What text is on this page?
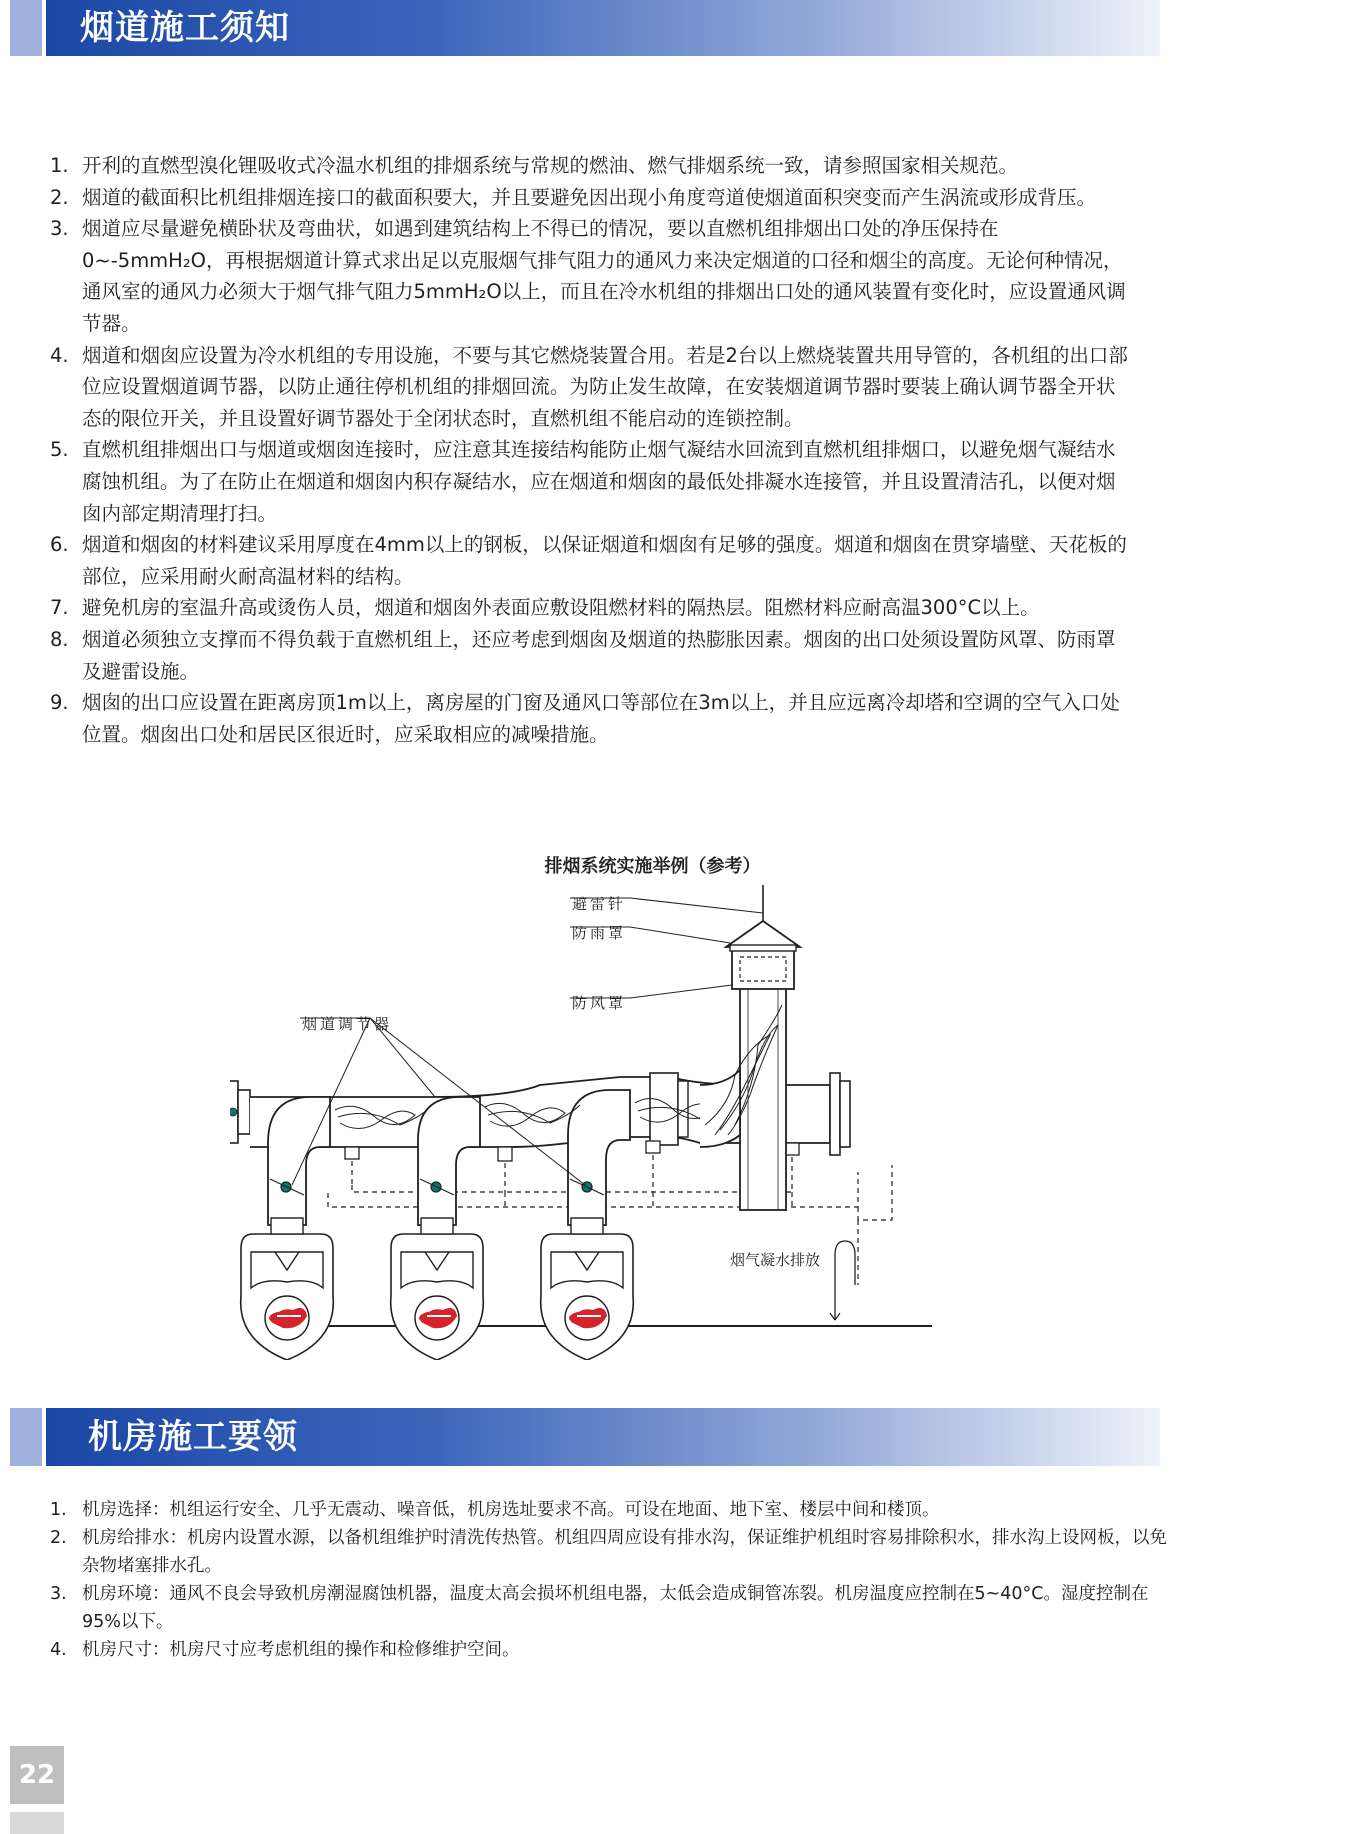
烟道施工须知
1. 开利的直燃型溴化锂吸收式冷温水机组的排烟系统与常规的燃油、燃气排烟系统一致，请参照国家相关规范。
2. 烟道的截面积比机组排烟连接口的截面积要大，并且要避免因出现小角度弯道使烟道面积突变而产生涡流或形成背压。
3. 烟道应尽量避免横卧状及弯曲状，如遇到建筑结构上不得已的情况，要以直燃机组排烟出口处的净压保持在0~-5mmH₂O，再根据烟道计算式求出足以克服烟气排气阻力的通风力来决定烟道的口径和烟尘的高度。无论何种情况，通风室的通风力必须大于烟气排气阻力5mmH₂O以上，而且在冷水机组的排烟出口处的通风装置有变化时，应设置通风调节器。
4. 烟道和烟囱应设置为冷水机组的专用设施，不要与其它燃烧装置合用。若是2台以上燃烧装置共用导管的，各机组的出口部位应设置烟道调节器，以防止通往停机机组的排烟回流。为防止发生故障，在安装烟道调节器时要装上确认调节器全开状态的限位开关，并且设置好调节器处于全闭状态时，直燃机组不能启动的连锁控制。
5. 直燃机组排烟出口与烟道或烟囱连接时，应注意其连接结构能防止烟气凝结水回流到直燃机组排烟口，以避免烟气凝结水腐蚀机组。为了在防止在烟道和烟囱内积存凝结水，应在烟道和烟囱的最低处排凝水连接管，并且设置清洁孔，以便对烟囱内部定期清理打扫。
6. 烟道和烟囱的材料建议采用厚度在4mm以上的钢板，以保证烟道和烟囱有足够的强度。烟道和烟囱在贯穿墙壁、天花板的部位，应采用耐火耐高温材料的结构。
7. 避免机房的室温升高或烫伤人员，烟道和烟囱外表面应敷设阻燃材料的隔热层。阻燃材料应耐高温300°C以上。
8. 烟道必须独立支撑而不得负载于直燃机组上，还应考虑到烟囱及烟道的热膨胀因素。烟囱的出口处须设置防风罩、防雨罩及避雷设施。
9. 烟囱的出口应设置在距离房顶1m以上，离房屋的门窗及通风口等部位在3m以上，并且应远离冷却塔和空调的空气入口处位置。烟囱出口处和居民区很近时，应采取相应的减噪措施。
排烟系统实施举例（参考）
避雷针
防雨罩
防风罩
烟道调节器
烟气凝水排放
机房施工要领
1. 机房选择：机组运行安全、几乎无震动、噪音低，机房选址要求不高。可设在地面、地下室、楼层中间和楼顶。
2. 机房给排水：机房内设置水源，以备机组维护时清洗传热管。机组四周应设有排水沟，保证维护机组时容易排除积水，排水沟上设网板，以免杂物堵塞排水孔。
3. 机房环境：通风不良会导致机房潮湿腐蚀机器，温度太高会损坏机组电器，太低会造成铜管冻裂。机房温度应控制在5~40°C。湿度控制在95%以下。
4. 机房尺寸：机房尺寸应考虑机组的操作和检修维护空间。
22
